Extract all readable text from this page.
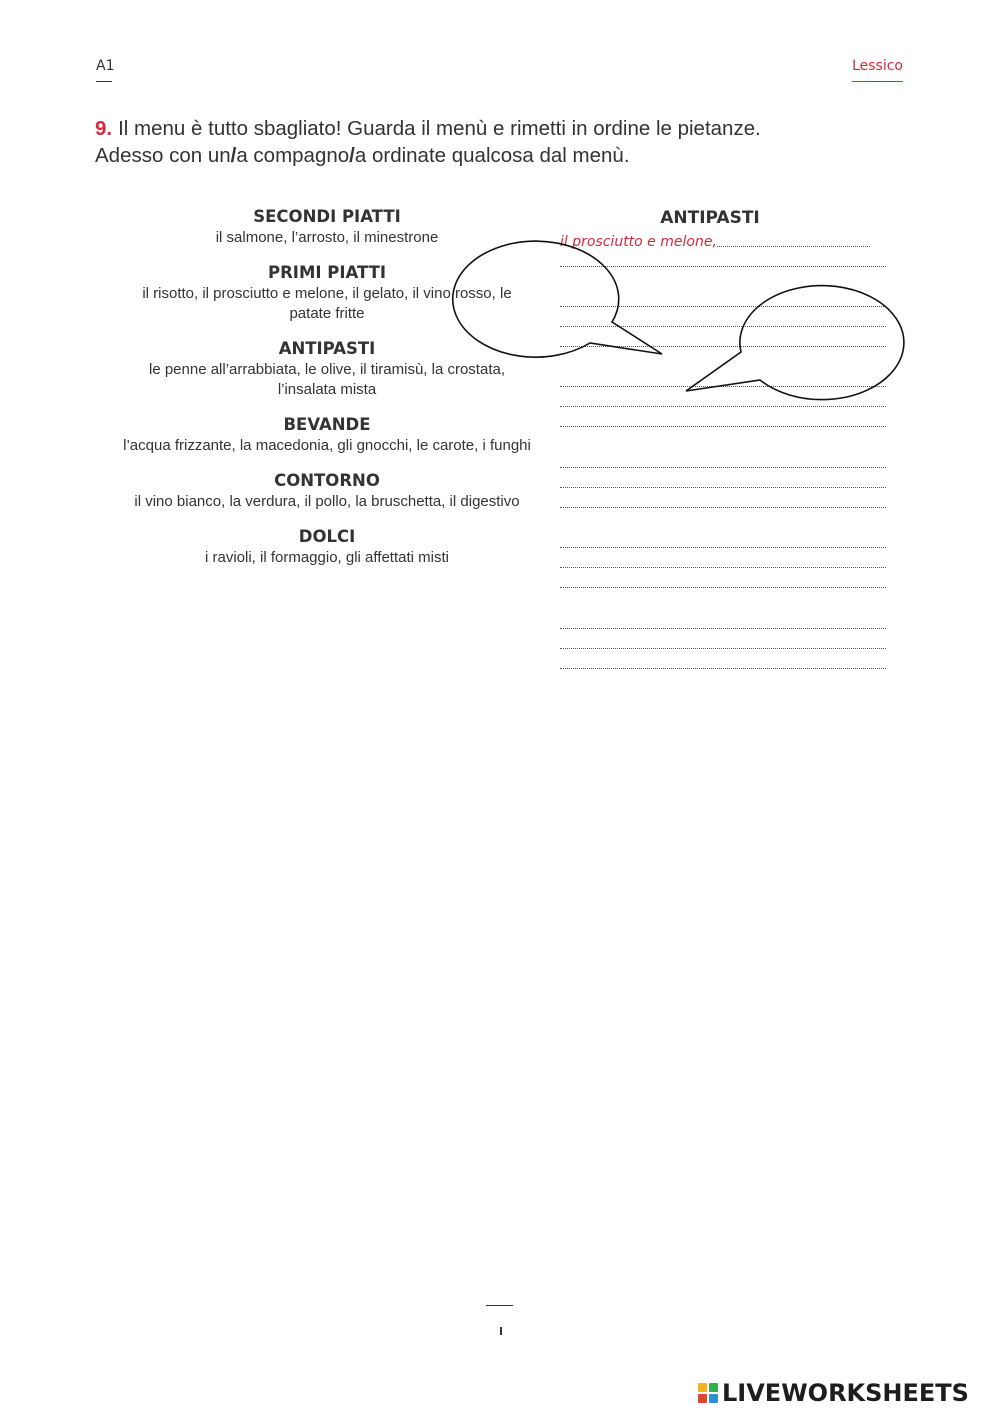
A1	Lessico
9. Il menu è tutto sbagliato! Guarda il menù e rimetti in ordine le pietanze.
Adesso con un/a compagno/a ordinate qualcosa dal menù.
SECONDI PIATTI
il salmone, l’arrosto, il minestrone
PRIMI PIATTI
il risotto, il prosciutto e melone, il gelato, il vino rosso, le patate fritte
ANTIPASTI
le penne all’arrabbiata, le olive, il tiramisù, la crostata, l’insalata mista
BEVANDE
l’acqua frizzante, la macedonia, gli gnocchi, le carote, i funghi
CONTORNO
il vino bianco, la verdura, il pollo, la bruschetta, il digestivo
DOLCI
i ravioli, il formaggio, gli affettati misti
ANTIPASTI
il prosciutto e melone,
LIVEWORKSHEETS
